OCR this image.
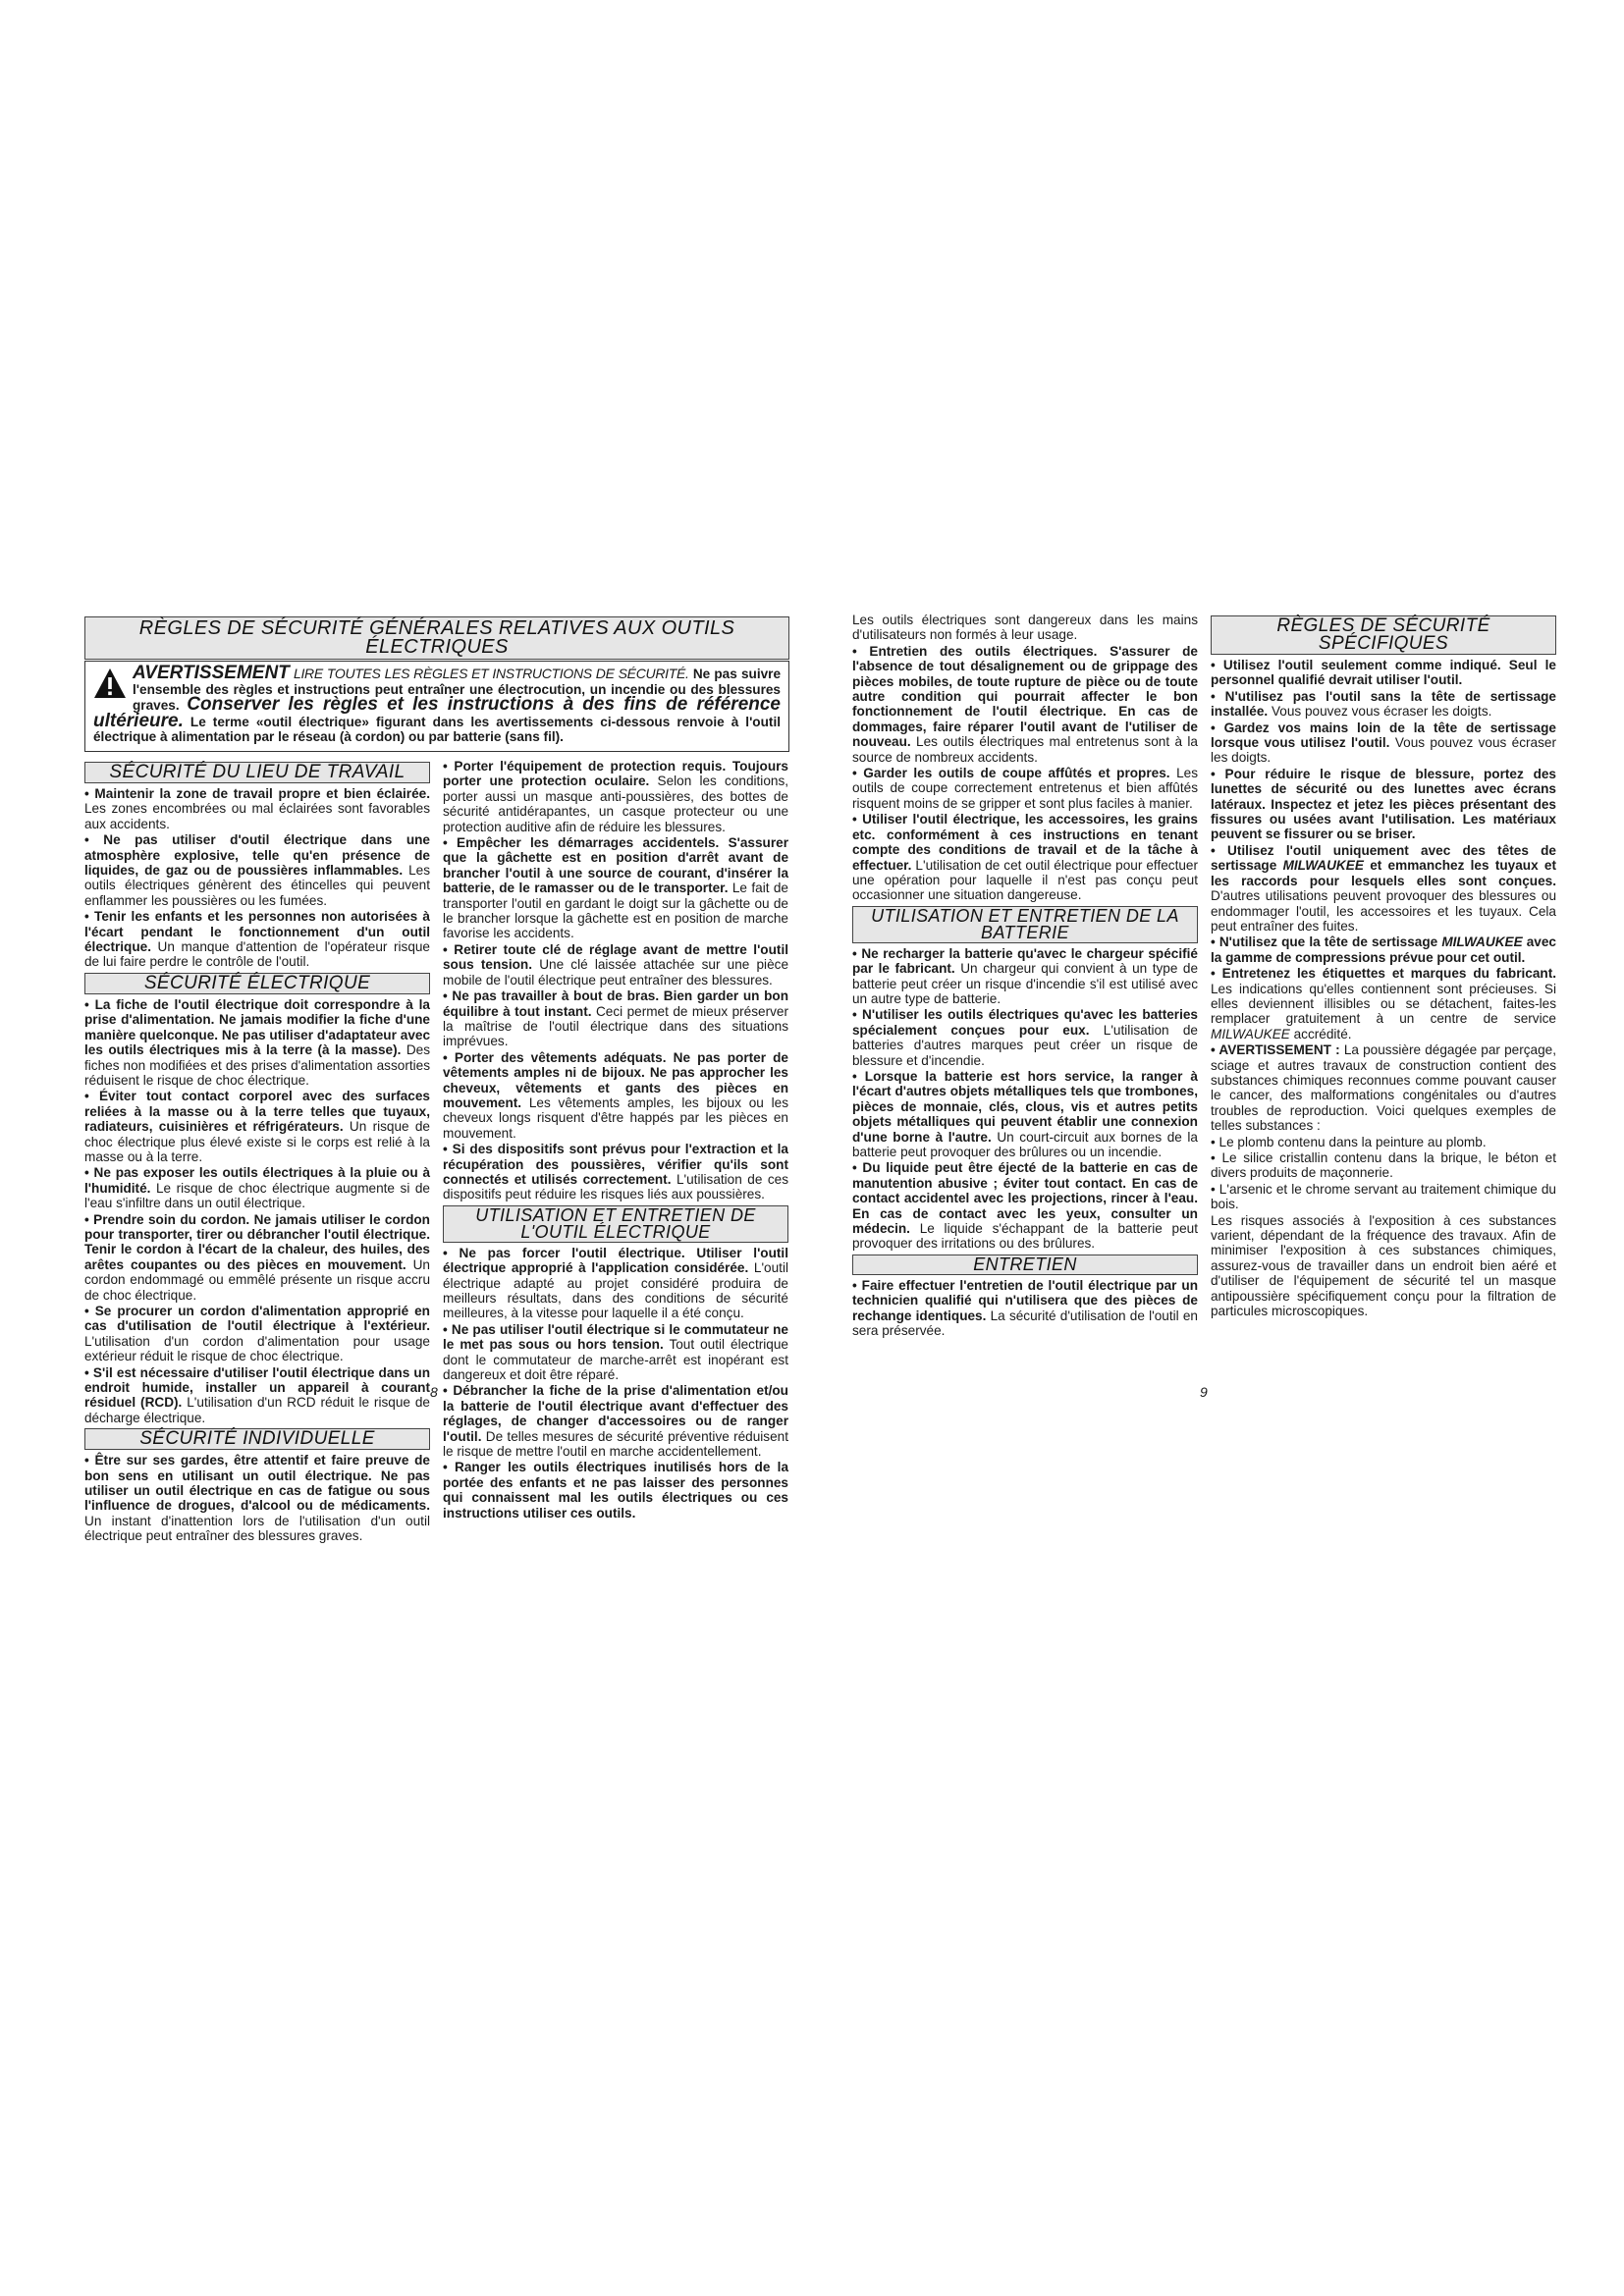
RÈGLES DE SÉCURITÉ GÉNÉRALES RELATIVES AUX OUTILS ÉLECTRIQUES
AVERTISSEMENT LIRE TOUTES LES RÈGLES ET INSTRUCTIONS DE SÉCURITÉ. Ne pas suivre l'ensemble des règles et instructions peut entraîner une électrocution, un incendie ou des blessures graves. Conserver les règles et les instructions à des fins de référence ultérieure. Le terme «outil électrique» figurant dans les avertissements ci-dessous renvoie à l'outil électrique à alimentation par le réseau (à cordon) ou par batterie (sans fil).
SÉCURITÉ DU LIEU DE TRAVAIL

• Maintenir la zone de travail propre et bien éclairée. Les zones encombrées ou mal éclairées sont favorables aux accidents.

• Ne pas utiliser d'outil électrique dans une atmosphère explosive, telle qu'en présence de liquides, de gaz ou de poussières inflammables. Les outils électriques génèrent des étincelles qui peuvent enflammer les poussières ou les fumées.

• Tenir les enfants et les personnes non autorisées à l'écart pendant le fonctionnement d'un outil électrique. Un manque d'attention de l'opérateur risque de lui faire perdre le contrôle de l'outil.

SÉCURITÉ ÉLECTRIQUE

• La fiche de l'outil électrique doit correspondre à la prise d'alimentation. Ne jamais modifier la fiche d'une manière quelconque. Ne pas utiliser d'adaptateur avec les outils électriques mis à la terre (à la masse). Des fiches non modifiées et des prises d'alimentation assorties réduisent le risque de choc électrique.

• Éviter tout contact corporel avec des surfaces reliées à la masse ou à la terre telles que tuyaux, radiateurs, cuisinières et réfrigérateurs. Un risque de choc électrique plus élevé existe si le corps est relié à la masse ou à la terre.

• Ne pas exposer les outils électriques à la pluie ou à l'humidité. Le risque de choc électrique augmente si de l'eau s'infiltre dans un outil électrique.

• Prendre soin du cordon. Ne jamais utiliser le cordon pour transporter, tirer ou débrancher l'outil électrique. Tenir le cordon à l'écart de la chaleur, des huiles, des arêtes coupantes ou des pièces en mouvement. Un cordon endommagé ou emmêlé présente un risque accru de choc électrique.

• Se procurer un cordon d'alimentation approprié en cas d'utilisation de l'outil électrique à l'extérieur. L'utilisation d'un cordon d'alimentation pour usage extérieur réduit le risque de choc électrique.

• S'il est nécessaire d'utiliser l'outil électrique dans un endroit humide, installer un appareil à courant résiduel (RCD). L'utilisation d'un RCD réduit le risque de décharge électrique.

SÉCURITÉ INDIVIDUELLE

• Être sur ses gardes, être attentif et faire preuve de bon sens en utilisant un outil électrique. Ne pas utiliser un outil électrique en cas de fatigue ou sous l'influence de drogues, d'alcool ou de médicaments. Un instant d'inattention lors de l'utilisation d'un outil électrique peut entraîner des blessures graves.

• Porter l'équipement de protection requis. Toujours porter une protection oculaire. Selon les conditions, porter aussi un masque anti-poussières, des bottes de sécurité antidérapantes, un casque protecteur ou une protection auditive afin de réduire les blessures.

• Empêcher les démarrages accidentels. S'assurer que la gâchette est en position d'arrêt avant de brancher l'outil à une source de courant, d'insérer la batterie, de le ramasser ou de le transporter. Le fait de transporter l'outil en gardant le doigt sur la gâchette ou de le brancher lorsque la gâchette est en position de marche favorise les accidents.

• Retirer toute clé de réglage avant de mettre l'outil sous tension. Une clé laissée attachée sur une pièce mobile de l'outil électrique peut entraîner des blessures.

• Ne pas travailler à bout de bras. Bien garder un bon équilibre à tout instant. Ceci permet de mieux préserver la maîtrise de l'outil électrique dans des situations imprévues.

• Porter des vêtements adéquats. Ne pas porter de vêtements amples ni de bijoux. Ne pas approcher les cheveux, vêtements et gants des pièces en mouvement. Les vêtements amples, les bijoux ou les cheveux longs risquent d'être happés par les pièces en mouvement.

• Si des dispositifs sont prévus pour l'extraction et la récupération des poussières, vérifier qu'ils sont connectés et utilisés correctement. L'utilisation de ces dispositifs peut réduire les risques liés aux poussières.

UTILISATION ET ENTRETIEN DE L'OUTIL ÉLECTRIQUE

• Ne pas forcer l'outil électrique. Utiliser l'outil électrique approprié à l'application considérée. L'outil électrique adapté au projet considéré produira de meilleurs résultats, dans des conditions de sécurité meilleures, à la vitesse pour laquelle il a été conçu.

• Ne pas utiliser l'outil électrique si le commutateur ne le met pas sous ou hors tension. Tout outil électrique dont le commutateur de marche-arrêt est inopérant est dangereux et doit être réparé.

• Débrancher la fiche de la prise d'alimentation et/ou la batterie de l'outil électrique avant d'effectuer des réglages, de changer d'accessoires ou de ranger l'outil. De telles mesures de sécurité préventive réduisent le risque de mettre l'outil en marche accidentellement.

• Ranger les outils électriques inutilisés hors de la portée des enfants et ne pas laisser des personnes qui connaissent mal les outils électriques ou ces instructions utiliser ces outils.

8

Les outils électriques sont dangereux dans les mains d'utilisateurs non formés à leur usage.

• Entretien des outils électriques. S'assurer de l'absence de tout désalignement ou de grippage des pièces mobiles, de toute rupture de pièce ou de toute autre condition qui pourrait affecter le bon fonctionnement de l'outil électrique. En cas de dommages, faire réparer l'outil avant de l'utiliser de nouveau. Les outils électriques mal entretenus sont à la source de nombreux accidents.

• Garder les outils de coupe affûtés et propres. Les outils de coupe correctement entretenus et bien affûtés risquent moins de se gripper et sont plus faciles à manier.

• Utiliser l'outil électrique, les accessoires, les grains etc. conformément à ces instructions en tenant compte des conditions de travail et de la tâche à effectuer. L'utilisation de cet outil électrique pour effectuer une opération pour laquelle il n'est pas conçu peut occasionner une situation dangereuse.

UTILISATION ET ENTRETIEN DE LA BATTERIE

• Ne recharger la batterie qu'avec le chargeur spécifié par le fabricant. Un chargeur qui convient à un type de batterie peut créer un risque d'incendie s'il est utilisé avec un autre type de batterie.

• N'utiliser les outils électriques qu'avec les batteries spécialement conçues pour eux. L'utilisation de batteries d'autres marques peut créer un risque de blessure et d'incendie.

• Lorsque la batterie est hors service, la ranger à l'écart d'autres objets métalliques tels que trombones, pièces de monnaie, clés, clous, vis et autres petits objets métalliques qui peuvent établir une connexion d'une borne à l'autre. Un court-circuit aux bornes de la batterie peut provoquer des brûlures ou un incendie.

• Du liquide peut être éjecté de la batterie en cas de manutention abusive ; éviter tout contact. En cas de contact accidentel avec les projections, rincer à l'eau. En cas de contact avec les yeux, consulter un médecin. Le liquide s'échappant de la batterie peut provoquer des irritations ou des brûlures.

ENTRETIEN

• Faire effectuer l'entretien de l'outil électrique par un technicien qualifié qui n'utilisera que des pièces de rechange identiques. La sécurité d'utilisation de l'outil en sera préservée.

RÈGLES DE SÉCURITÉ SPÉCIFIQUES

• Utilisez l'outil seulement comme indiqué. Seul le personnel qualifié devrait utiliser l'outil.

• N'utilisez pas l'outil sans la tête de sertissage installée. Vous pouvez vous écraser les doigts.

• Gardez vos mains loin de la tête de sertissage lorsque vous utilisez l'outil. Vous pouvez vous écraser les doigts.

• Pour réduire le risque de blessure, portez des lunettes de sécurité ou des lunettes avec écrans latéraux. Inspectez et jetez les pièces présentant des fissures ou usées avant l'utilisation. Les matériaux peuvent se fissurer ou se briser.

• Utilisez l'outil uniquement avec des têtes de sertissage MILWAUKEE et emmanchez les tuyaux et les raccords pour lesquels elles sont conçues. D'autres utilisations peuvent provoquer des blessures ou endommager l'outil, les accessoires et les tuyaux. Cela peut entraîner des fuites.

• N'utilisez que la tête de sertissage MILWAUKEE avec la gamme de compressions prévue pour cet outil.

• Entretenez les étiquettes et marques du fabricant. Les indications qu'elles contiennent sont précieuses. Si elles deviennent illisibles ou se détachent, faites-les remplacer gratuitement à un centre de service MILWAUKEE accrédité.

• AVERTISSEMENT : La poussière dégagée par perçage, sciage et autres travaux de construction contient des substances chimiques reconnues comme pouvant causer le cancer, des malformations congénitales ou d'autres troubles de reproduction. Voici quelques exemples de telles substances :

• Le plomb contenu dans la peinture au plomb.

• Le silice cristallin contenu dans la brique, le béton et divers produits de maçonnerie.

• L'arsenic et le chrome servant au traitement chimique du bois.

Les risques associés à l'exposition à ces substances varient, dépendant de la fréquence des travaux. Afin de minimiser l'exposition à ces substances chimiques, assurez-vous de travailler dans un endroit bien aéré et d'utiliser de l'équipement de sécurité tel un masque antipoussière spécifiquement conçu pour la filtration de particules microscopiques.

9
